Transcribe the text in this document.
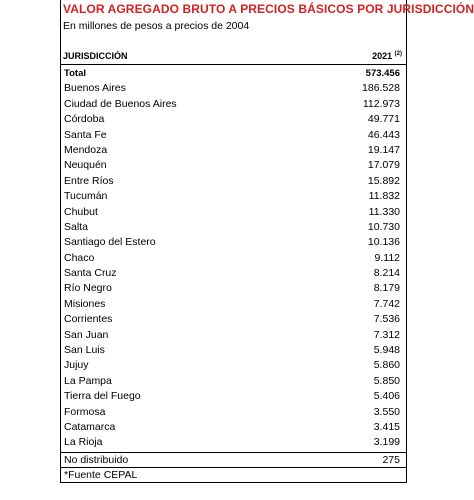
VALOR AGREGADO BRUTO A PRECIOS BÁSICOS POR JURISDICCIÓN
En millones de pesos a precios de 2004
JURISDICCIÓN	2021 $^{(2)}$
Total	573.456
Buenos Aires	186.528
Ciudad de Buenos Aires	112.973
Córdoba	49.771
Santa Fe	46.443
Mendoza	19.147
Neuquén	17.079
Entre Ríos	15.892
Tucumán	11.832
Chubut	11.330
Salta	10.730
Santiago del Estero	10.136
Chaco	9.112
Santa Cruz	8.214
Río Negro	8.179
Misiones	7.742
Corrientes	7.536
San Juan	7.312
San Luis	5.948
Jujuy	5.860
La Pampa	5.850
Tierra del Fuego	5.406
Formosa	3.550
Catamarca	3.415
La Rioja	3.199
No distribuido	275
*Fuente CEPAL
